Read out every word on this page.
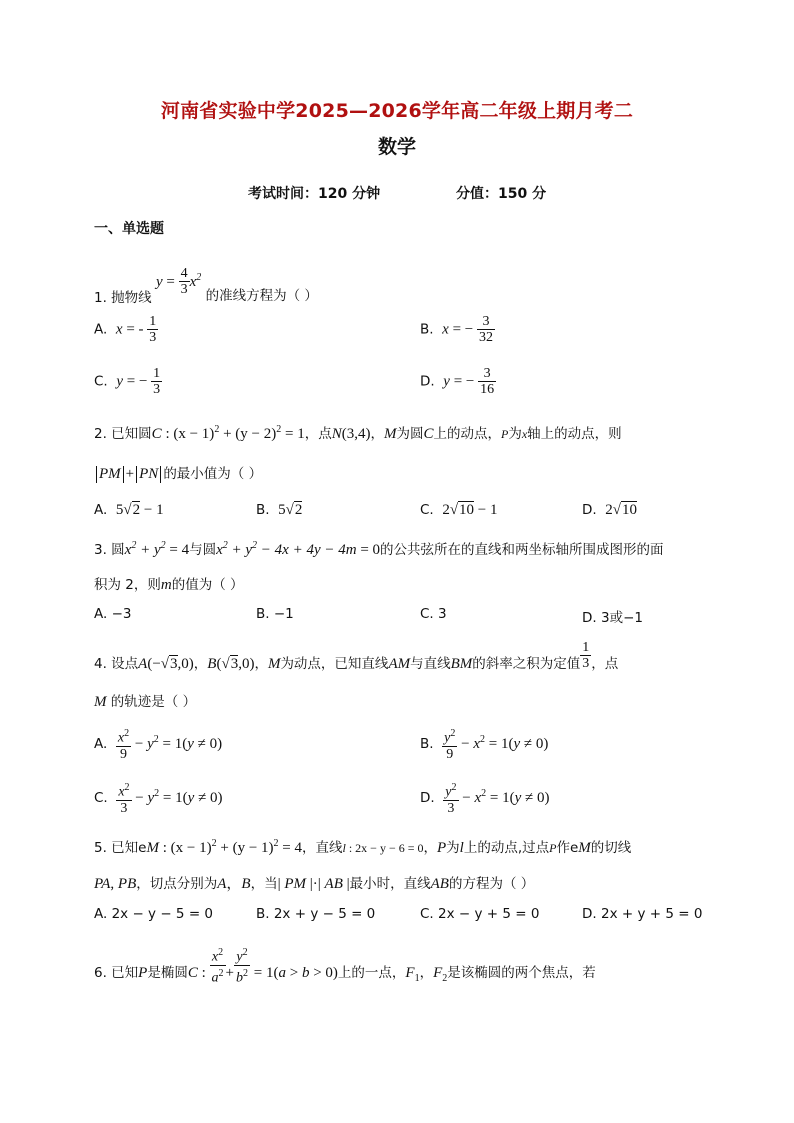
河南省实验中学2025—2026学年高二年级上期月考二
数学
考试时间：120 分钟	分值：150 分
一、单选题
1. 抛物线 $y = \frac{4}{3} x^2$ 的准线方程为（ ）
A. x = - $\frac{1}{3}$	B. x = − $\frac{3}{32}$
C. y = − $\frac{1}{3}$	D. y = − $\frac{3}{16}$
2. 已知圆C : $(x - 1)^2 + (y - 2)^2 = 1$，点N(3,4)，M为圆C上的动点，P为x轴上的动点，则
PM + PN 的最小值为（ ）
A. 5√2 − 1	B. 5√2	C. 2√10 − 1	D. 2√10
3. 圆$x^2 + y^2 = 4$与圆$x^2 + y^2 - 4x + 4y - 4m = 0$的公共弦所在的直线和两坐标轴所围成图形的面
积为 2，则m的值为（ ）
A. −3	B. −1	C. 3	D. 3或−1
4. 设点A(−√3,0)，B(√3,0)，M为动点，已知直线AM与直线BM的斜率之积为定值 $\frac{1}{3}$ ，点
M 的轨迹是（ ）
A. $\frac{x^2}{9} - y^2 = 1(y \ne 0)$	B. $\frac{y^2}{9} - x^2 = 1(y \ne 0)$
C. $\frac{x^2}{3} - y^2 = 1(y \ne 0)$	D. $\frac{y^2}{3} - x^2 = 1(y \ne 0)$
5. 已知eM : $(x - 1)^2 + (y - 1)^2 = 4$，直线l : 2x − y − 6 = 0，P为l上的动点,过点P作eM的切线
PA, PB，切点分别为A，B，当| PM |·| AB |最小时，直线AB的方程为（ ）
A. 2x − y − 5 = 0	B. 2x + y − 5 = 0	C. 2x − y + 5 = 0	D. 2x + y + 5 = 0
6. 已知P是椭圆C : $\frac{x^2}{a^2} + \frac{y^2}{b^2} = 1(a > b > 0)$上的一点，$F_1$，$F_2$是该椭圆的两个焦点，若
